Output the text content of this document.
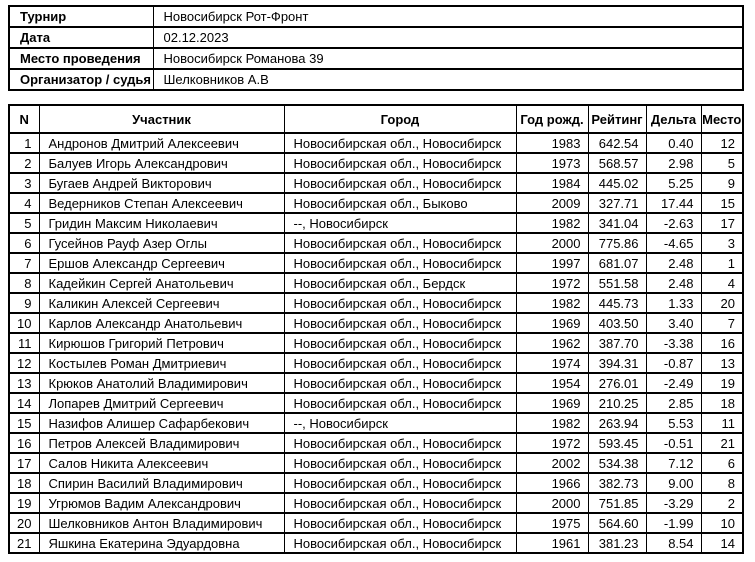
Турнир	Новосибирск Рот-Фронт
Дата	02.12.2023
Место проведения	Новосибирск Романова 39
Организатор / судья	Шелковников А.В
N	Участник	Город	Год рожд.	Рейтинг	Дельта	Место
1	Андронов Дмитрий Алексеевич	Новосибирская обл., Новосибирск	1983	642.54	0.40	12
2	Балуев Игорь Александрович	Новосибирская обл., Новосибирск	1973	568.57	2.98	5
3	Бугаев Андрей Викторович	Новосибирская обл., Новосибирск	1984	445.02	5.25	9
4	Ведерников Степан Алексеевич	Новосибирская обл., Быково	2009	327.71	17.44	15
5	Гридин Максим Николаевич	--, Новосибирск	1982	341.04	-2.63	17
6	Гусейнов Рауф Азер Оглы	Новосибирская обл., Новосибирск	2000	775.86	-4.65	3
7	Ершов Александр Сергеевич	Новосибирская обл., Новосибирск	1997	681.07	2.48	1
8	Кадейкин Сергей Анатольевич	Новосибирская обл., Бердск	1972	551.58	2.48	4
9	Каликин Алексей Сергеевич	Новосибирская обл., Новосибирск	1982	445.73	1.33	20
10	Карлов Александр Анатольевич	Новосибирская обл., Новосибирск	1969	403.50	3.40	7
11	Кирюшов Григорий Петрович	Новосибирская обл., Новосибирск	1962	387.70	-3.38	16
12	Костылев Роман Дмитриевич	Новосибирская обл., Новосибирск	1974	394.31	-0.87	13
13	Крюков Анатолий Владимирович	Новосибирская обл., Новосибирск	1954	276.01	-2.49	19
14	Лопарев Дмитрий Сергеевич	Новосибирская обл., Новосибирск	1969	210.25	2.85	18
15	Назифов Алишер Сафарбекович	--, Новосибирск	1982	263.94	5.53	11
16	Петров Алексей Владимирович	Новосибирская обл., Новосибирск	1972	593.45	-0.51	21
17	Салов Никита Алексеевич	Новосибирская обл., Новосибирск	2002	534.38	7.12	6
18	Спирин Василий Владимирович	Новосибирская обл., Новосибирск	1966	382.73	9.00	8
19	Угрюмов Вадим Александрович	Новосибирская обл., Новосибирск	2000	751.85	-3.29	2
20	Шелковников Антон Владимирович	Новосибирская обл., Новосибирск	1975	564.60	-1.99	10
21	Яшкина Екатерина Эдуардовна	Новосибирская обл., Новосибирск	1961	381.23	8.54	14
